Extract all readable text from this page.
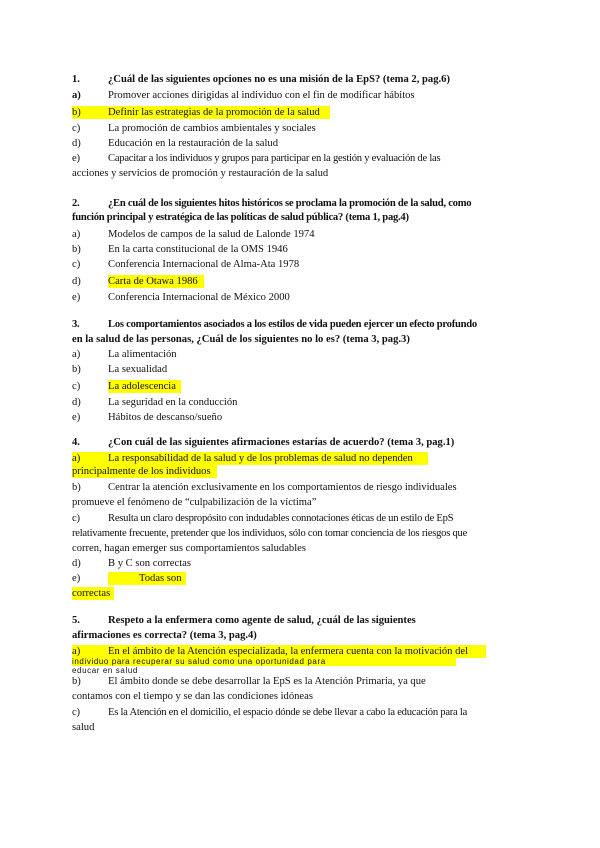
1.	¿Cuál de las siguientes opciones no es una misión de la EpS? (tema 2, pag.6)
a)	Promover acciones dirigidas al individuo con el fin de modificar hábitos
b)	Definir las estrategias de la promoción de la salud
c)	La promoción de cambios ambientales y sociales
d)	Educación en la restauración de la salud
e)	Capacitar a los individuos y grupos para participar en la gestión y evaluación de las
acciones y servicios de promoción y restauración de la salud
2.	¿En cuál de los siguientes hitos históricos se proclama la promoción de la salud, como
función principal y estratégica de las políticas de salud pública? (tema 1, pag.4)
a)	Modelos de campos de la salud de Lalonde 1974
b)	En la carta constitucional de la OMS 1946
c)	Conferencia Internacional de Alma-Ata 1978
d)	Carta de Otawa 1986
e)	Conferencia Internacional de México 2000
3.	Los comportamientos asociados a los estilos de vida pueden ejercer un efecto profundo
en la salud de las personas, ¿Cuál de los siguientes no lo es? (tema 3, pag.3)
a)	La alimentación
b)	La sexualidad
c)	La adolescencia
d)	La seguridad en la conducción
e)	Hábitos de descanso/sueño
4.	¿Con cuál de las siguientes afirmaciones estarías de acuerdo? (tema 3, pag.1)
a)	La responsabilidad de la salud y de los problemas de salud no dependen
principalmente de los individuos
b)	Centrar la atención exclusivamente en los comportamientos de riesgo individuales
promueve el fenómeno de “culpabilización de la víctima”
c)	Resulta un claro despropósito con indudables connotaciones éticas de un estilo de EpS
relativamente frecuente, pretender que los individuos, sólo con tomar conciencia de los riesgos que
corren, hagan emerger sus comportamientos saludables
d)	B y C son correctas
e)	Todas son
correctas
5.	Respeto a la enfermera como agente de salud, ¿cuál de las siguientes
afirmaciones es correcta? (tema 3, pag.4)
a)	En el ámbito de la Atención especializada, la enfermera cuenta con la motivación del
individuo para recuperar su salud como una oportunidad para
educar en salud
b)	El ámbito donde se debe desarrollar la EpS es la Atención Primaria, ya que
contamos con el tiempo y se dan las condiciones idóneas
c)	Es la Atención en el domicilio, el espacio dónde se debe llevar a cabo la educación para la
salud
